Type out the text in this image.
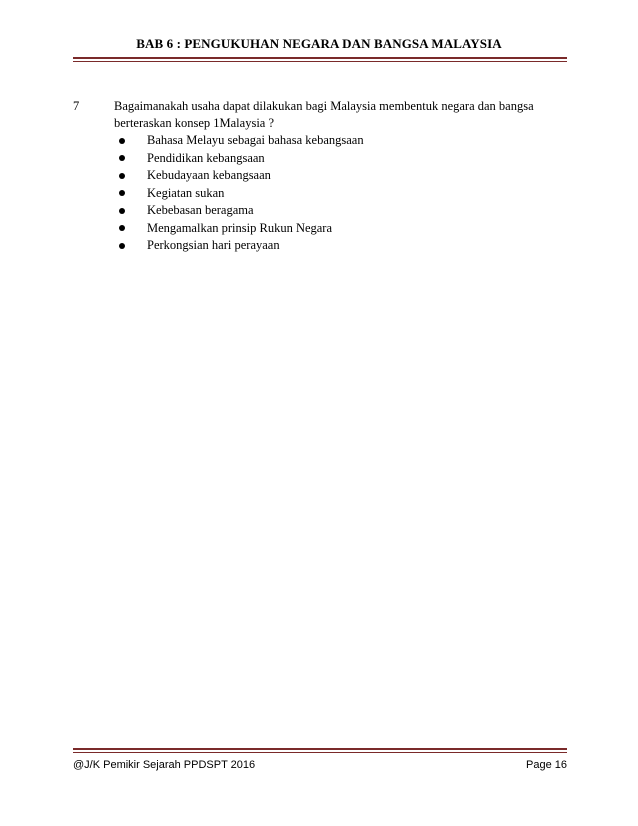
BAB 6 : PENGUKUHAN NEGARA DAN BANGSA MALAYSIA
7	Bagaimanakah usaha dapat dilakukan bagi Malaysia membentuk negara dan bangsa berteraskan konsep 1Malaysia ?
Bahasa Melayu sebagai bahasa kebangsaan
Pendidikan kebangsaan
Kebudayaan kebangsaan
Kegiatan sukan
Kebebasan beragama
Mengamalkan prinsip Rukun Negara
Perkongsian hari perayaan
@J/K Pemikir Sejarah PPDSPT 2016	Page 16
